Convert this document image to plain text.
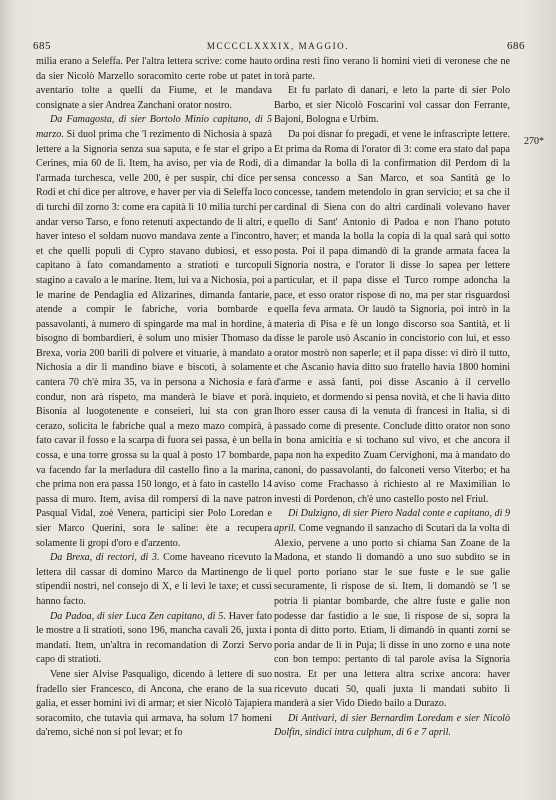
685	MCCCCLXXXIX, MAGGIO.	686
270*

milia erano a Seleffa. Per l'altra lettera scrive: come hauto da sier Nicolò Marzello soracomito certe robe ut patet in aventario tolte a quelli da Fiume, et le mandava consignate a sier Andrea Zanchani orator nostro.

Da Famagosta, di sier Bortolo Minio capitano, di 5 marzo. Si duol prima che 'l rezimento di Nichosia à spazà lettere a la Signoria senza sua saputa, e fe star el gripo a Cerines, mia 60 de lì. Item, ha aviso, per via de Rodi, di l'armada turchesca, velle 200, è per suspir, chi dice per Rodi et chi dice per altrove, e haver per via di Seleffa loco di turchi dil zorno 3: come era capità lì 10 milia turchi per andar verso Tarso, e fono retenuti axpectando de li altri, e haver inteso el soldam nuovo mandava zente a l'incontro, et che quelli populi di Cypro stavano dubiosi, et esso capitano à fato comandamento a stratioti e turcopuli stagino a cavalo a le marine. Item, lui va a Nichosia, poi a le marine de Pendaglia ed Alizarines, dimanda fantarie, atende a compir le fabriche, voria bombarde e passavolanti, à numero di spingarde ma mal in hordine, à bisogno di bombardieri, è solum uno misier Thomaso da Brexa, voria 200 barili di polvere et vituarie, à mandato a Nichosia a dir li mandino biave e biscoti, à solamente cantera 70 ch'è mira 35, va in persona a Nichosia e farà condur, non arà rispeto, ma manderà le biave et porà. Bisonia al luogotenente e conseieri, lui sta con gran cerazo, solicita le fabriche qual a mezo mazo compirà, à fato cavar il fosso e la scarpa di fuora sei passa, è un bella cossa, e una torre grossa su la qual à posto 17 bombarde, va facendo far la merladura dil castello fino a la marina, che prima non era passa 150 longo, et à fato in castello 14 passa di muro. Item, avisa dil rompersi di la nave patron Pasqual Vidal, zoè Venera, participi sier Polo Loredan e sier Marco Querini, sora le saline: ète a recupera solamente li gropi d'oro e d'arzento.

Da Brexa, di rectori, di 3. Come haveano ricevuto la lettera dil cassar di domino Marco da Martinengo de li stipendii nostri, nel consejo di X, e li levi le taxe; et cussì hanno facto.

Da Padoa, di sier Luca Zen capitano, di 5. Haver fato le mostre a li stratioti, sono 196, mancha cavali 26, juxta i mandati. Item, un'altra in recomandation di Zorzi Servo capo di stratioti.

Vene sier Alvise Pasqualigo, dicendo à lettere di suo fradello sier Francesco, di Ancona, che erano de la sua galia, et esser homini ivi di armar; et sier Nicolò Tajapiera soracomito, che tutavia qui armava, ha solum 17 homeni da'remo, siché non si pol levar; et fo

ordina resti fino verano li homini vieti di veronese che ne torà parte.

Et fu parlato di danari, e leto la parte di sier Polo Barbo, et sier Nicolò Foscarini vol cassar don Ferrante, Bajoni, Bologna e Urbim.

Da poi disnar fo pregadi, et vene le infrascripte lettere. Et prima da Roma di l'orator di 3: come era stato dal papa a dimandar la bolla di la confirmation dil Perdom di la sensa concesso a San Marco, et soa Santità ge lo concesse, tandem metendolo in gran servicio; et sa che il cardinal di Siena con do altri cardinali volevano haver quello di Sant' Antonio di Padoa e non l'hano potuto haver; et manda la bolla la copia di la qual sarà qui sotto posta. Poi il papa dimandò di la grande armata facea la Signoria nostra, e l'orator li disse lo sapea per lettere particular, et il papa disse el Turco rompe adoncha la pace, et esso orator rispose di no, ma per star risguardosi quella feva armata. Or laudò ta Signoria, poi intrò in la materia di Pisa e fè un longo discorso soa Santità, et li disse le parole usò Ascanio in concistorio con lui, et esso orator mostrò non saperle; et il papa disse: vi dirò il tutto, et che Ascanio havia ditto suo fratello havia 1800 homini d'arme e assà fanti, poi disse Ascanio à il cervello inquieto, et dormendo si pensa novità, et che li havia ditto lhoro esser causa di la venuta di francesi in Italia, si di passado come di presente. Conclude ditto orator non sono in bona amicitia e si tochano sul vivo, et che ancora il papa non ha expedito Zuam Cervighoni, ma à mandato do canoni, do passavolanti, do falconeti verso Viterbo; et ha aviso come Frachasso à richiesto al re Maximilian lo investi di Pordenon, ch'è uno castello posto nel Friul.

Di Dulzigno, di sier Piero Nadal conte e capitano, di 9 april. Come vegnando il sanzacho di Scutari da la volta di Alexio, pervene a uno porto si chiama San Zoane de la Madona, et stando lì domandò a uno suo subdito se in quel porto poriano star le sue fuste e le sue galie securamente, li rispose de sì. Item, li domandò se 'l se potria li piantar bombarde, che altre fuste e galie non podesse dar fastidio a le sue, li rispose de sì, sopra la ponta di ditto porto. Etiam, li dimandò in quanti zorni se poria andar de lì in Puja; li disse in uno zorno e una note con bon tempo: pertanto di tal parole avisa la Signoria nostra. Et per una lettera altra scrixe ancora: haver ricevuto ducati 50, quali juxta li mandati subito li manderà a sier Vido Diedo bailo a Durazo.

Di Antivari, di sier Bernardim Loredam e sier Nicolò Dolfin, sindici intra culphum, di 6 e 7 april.
